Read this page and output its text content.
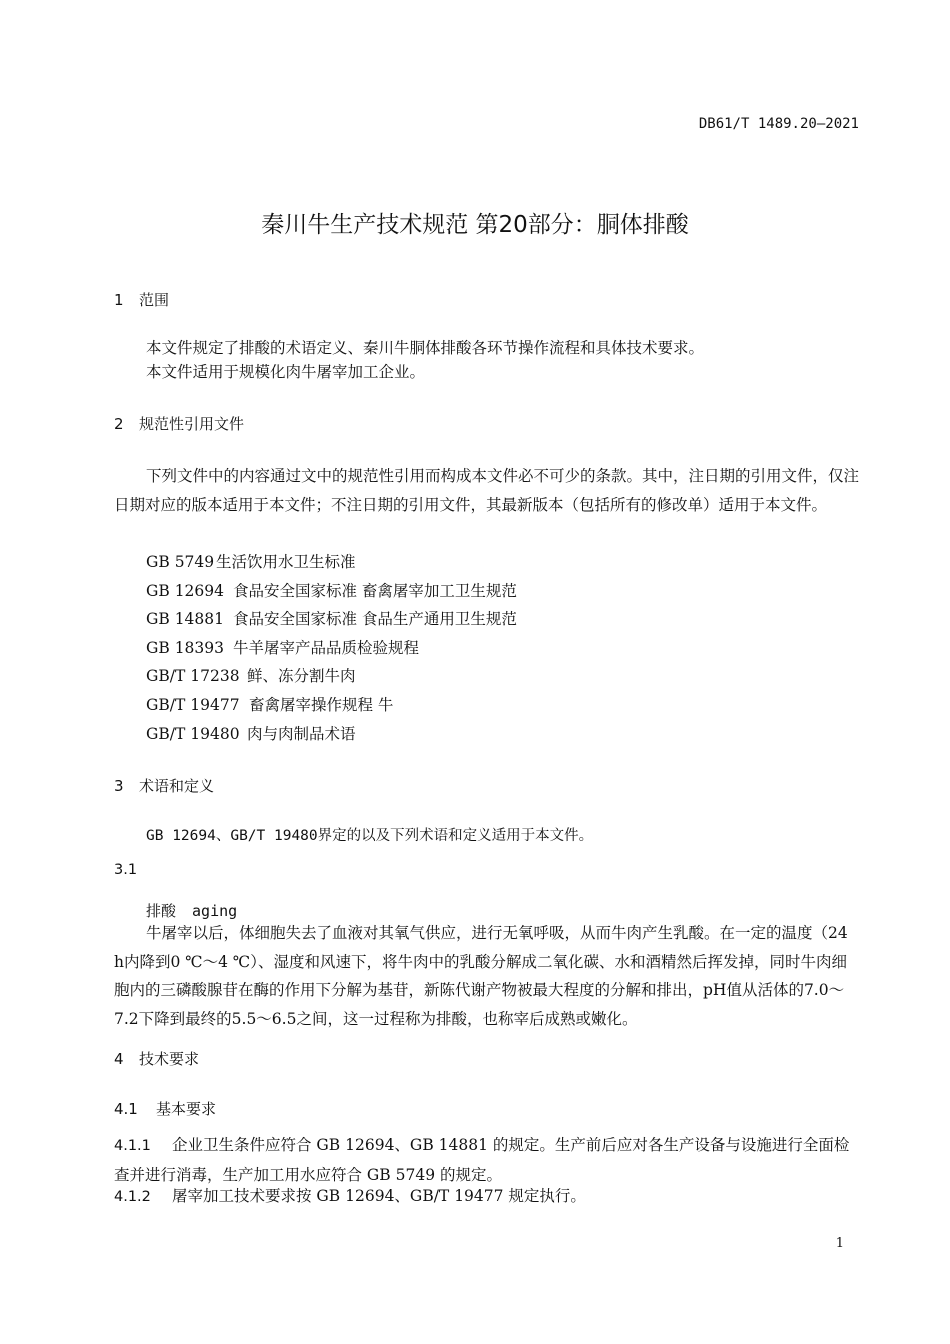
DB61/T 1489.20—2021
秦川牛生产技术规范 第20部分：胴体排酸
1 范围
本文件规定了排酸的术语定义、秦川牛胴体排酸各环节操作流程和具体技术要求。
本文件适用于规模化肉牛屠宰加工企业。
2 规范性引用文件
下列文件中的内容通过文中的规范性引用而构成本文件必不可少的条款。其中，注日期的引用文件，仅注日期对应的版本适用于本文件；不注日期的引用文件，其最新版本（包括所有的修改单）适用于本文件。
GB 5749 生活饮用水卫生标准
GB 12694 食品安全国家标准 畜禽屠宰加工卫生规范
GB 14881 食品安全国家标准 食品生产通用卫生规范
GB 18393 牛羊屠宰产品品质检验规程
GB/T 17238 鲜、冻分割牛肉
GB/T 19477 畜禽屠宰操作规程 牛
GB/T 19480 肉与肉制品术语
3 术语和定义
GB 12694、GB/T 19480界定的以及下列术语和定义适用于本文件。
3.1
排酸 aging
牛屠宰以后，体细胞失去了血液对其氧气供应，进行无氧呼吸，从而牛肉产生乳酸。在一定的温度（24 h内降到0 ℃～4 ℃）、湿度和风速下，将牛肉中的乳酸分解成二氧化碳、水和酒精然后挥发掉，同时牛肉细胞内的三磷酸腺苷在酶的作用下分解为基苷，新陈代谢产物被最大程度的分解和排出，pH值从活体的7.0～7.2下降到最终的5.5～6.5之间，这一过程称为排酸，也称宰后成熟或嫩化。
4 技术要求
4.1 基本要求
4.1.1 企业卫生条件应符合 GB 12694、GB 14881 的规定。生产前后应对各生产设备与设施进行全面检查并进行消毒，生产加工用水应符合 GB 5749 的规定。
4.1.2 屠宰加工技术要求按 GB 12694、GB/T 19477 规定执行。
1
